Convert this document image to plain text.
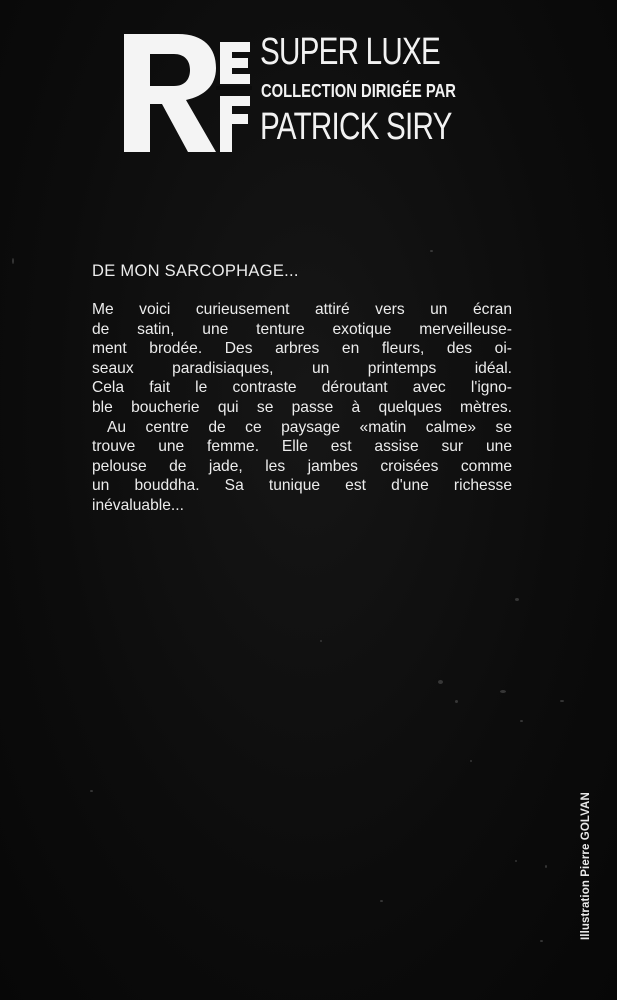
SUPER LUXE
COLLECTION DIRIGÉE PAR
PATRICK SIRY
DE MON SARCOPHAGE...
Me voici curieusement attiré vers un écran
de satin, une tenture exotique merveilleuse-
ment brodée. Des arbres en fleurs, des oi-
seaux paradisiaques, un printemps idéal.
Cela fait le contraste déroutant avec l'igno-
ble boucherie qui se passe à quelques mètres.
Au centre de ce paysage «matin calme» se
trouve une femme. Elle est assise sur une
pelouse de jade, les jambes croisées comme
un bouddha. Sa tunique est d'une richesse
inévaluable...
Illustration Pierre GOLVAN
